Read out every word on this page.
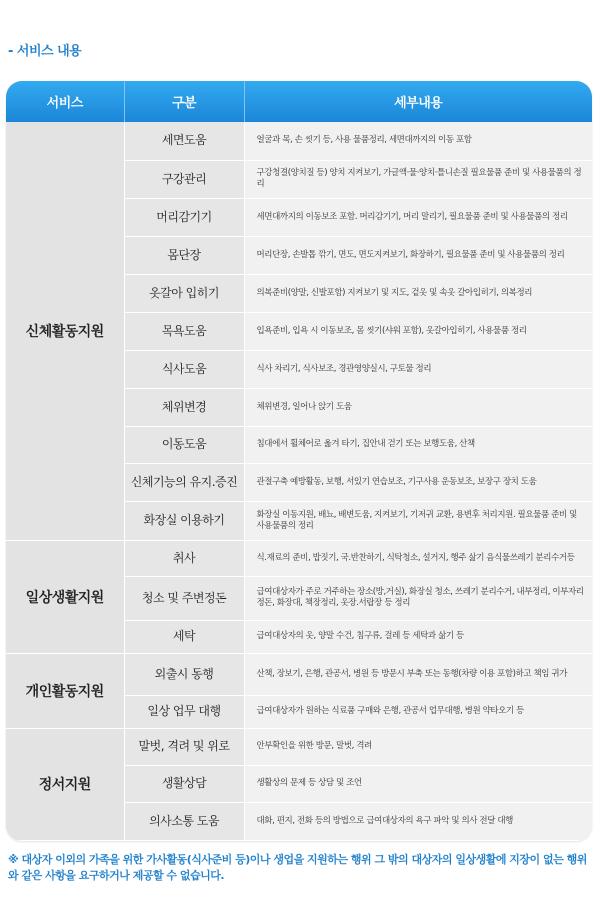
- 서비스 내용
서비스	구분	세부내용
신체활동지원	세면도움	얼굴과 목, 손 씻기 등, 사용 물품정리, 세면대까지의 이동 포함
	구강관리	구강청결(양치질 등) 양치 지켜보기, 가글액·물·양치·틀니손질 필요물품 준비 및 사용물품의 정리
	머리감기기	세면대까지의 이동보조 포함. 머리감기기, 머리 말리기, 필요물품 준비 및 사용물품의 정리
	몸단장	머리단장, 손발톱 깎기, 면도, 면도지켜보기, 화장하기, 필요물품 준비 및 사용물품의 정리
	옷갈아 입히기	의복준비(양말, 신발포함) 지켜보기 및 지도, 겉옷 및 속옷 갈아입히기, 의복정리
	목욕도움	입욕준비, 입욕 시 이동보조, 몸 씻기(샤워 포함), 옷갈아입히기, 사용물품 정리
	식사도움	식사 차리기, 식사보조, 경관영양실시, 구토물 정리
	체위변경	체위변경, 일어나 앉기 도움
	이동도움	침대에서 휠체어로 옮겨 타기, 집안내 걷기 또는 보행도움, 산책
	신체기능의 유지.증진	관절구축 예방활동, 보행, 서있기 연습보조, 기구사용 운동보조, 보장구 장치 도움
	화장실 이용하기	화장실 이동지원, 배뇨, 배변도움, 지켜보기, 기저귀 교환, 용변후 처리지원. 필요물품 준비 및 사용물품의 정리
일상생활지원	취사	식.재료의 준비, 밥짓기, 국.반찬하기, 식탁청소, 설거지, 행주 삶기 음식물쓰레기 분리수거등
	청소 및 주변정돈	급여대상자가 주로 거주하는 장소(방,거실), 화장실 청소, 쓰레기 분리수거, 내부정리, 이부자리 정돈, 화장대, 책장정리, 옷장.서랍장 등 정리
	세탁	급여대상자의 옷, 양말 수건, 침구류, 걸레 등 세탁과 삶기 등
개인활동지원	외출시 동행	산책, 장보기, 은행, 관공서, 병원 등 방문시 부축 또는 동행(차량 이용 포함)하고 책임 귀가
	일상 업무 대행	급여대상자가 원하는 식료품 구매와 은행, 관공서 업무대행, 병원 약타오기 등
정서지원	말벗, 격려 및 위로	안부확인을 위한 방문, 말벗, 격려
	생활상담	생활상의 문제 등 상담 및 조언
	의사소통 도움	대화, 편지, 전화 등의 방법으로 급여대상자의 욕구 파악 및 의사 전달 대행
※ 대상자 이외의 가족을 위한 가사활동(식사준비 등)이나 생업을 지원하는 행위 그 밖의 대상자의 일상생활에 지장이 없는 행위와 같은 사항을 요구하거나 제공할 수 없습니다.
